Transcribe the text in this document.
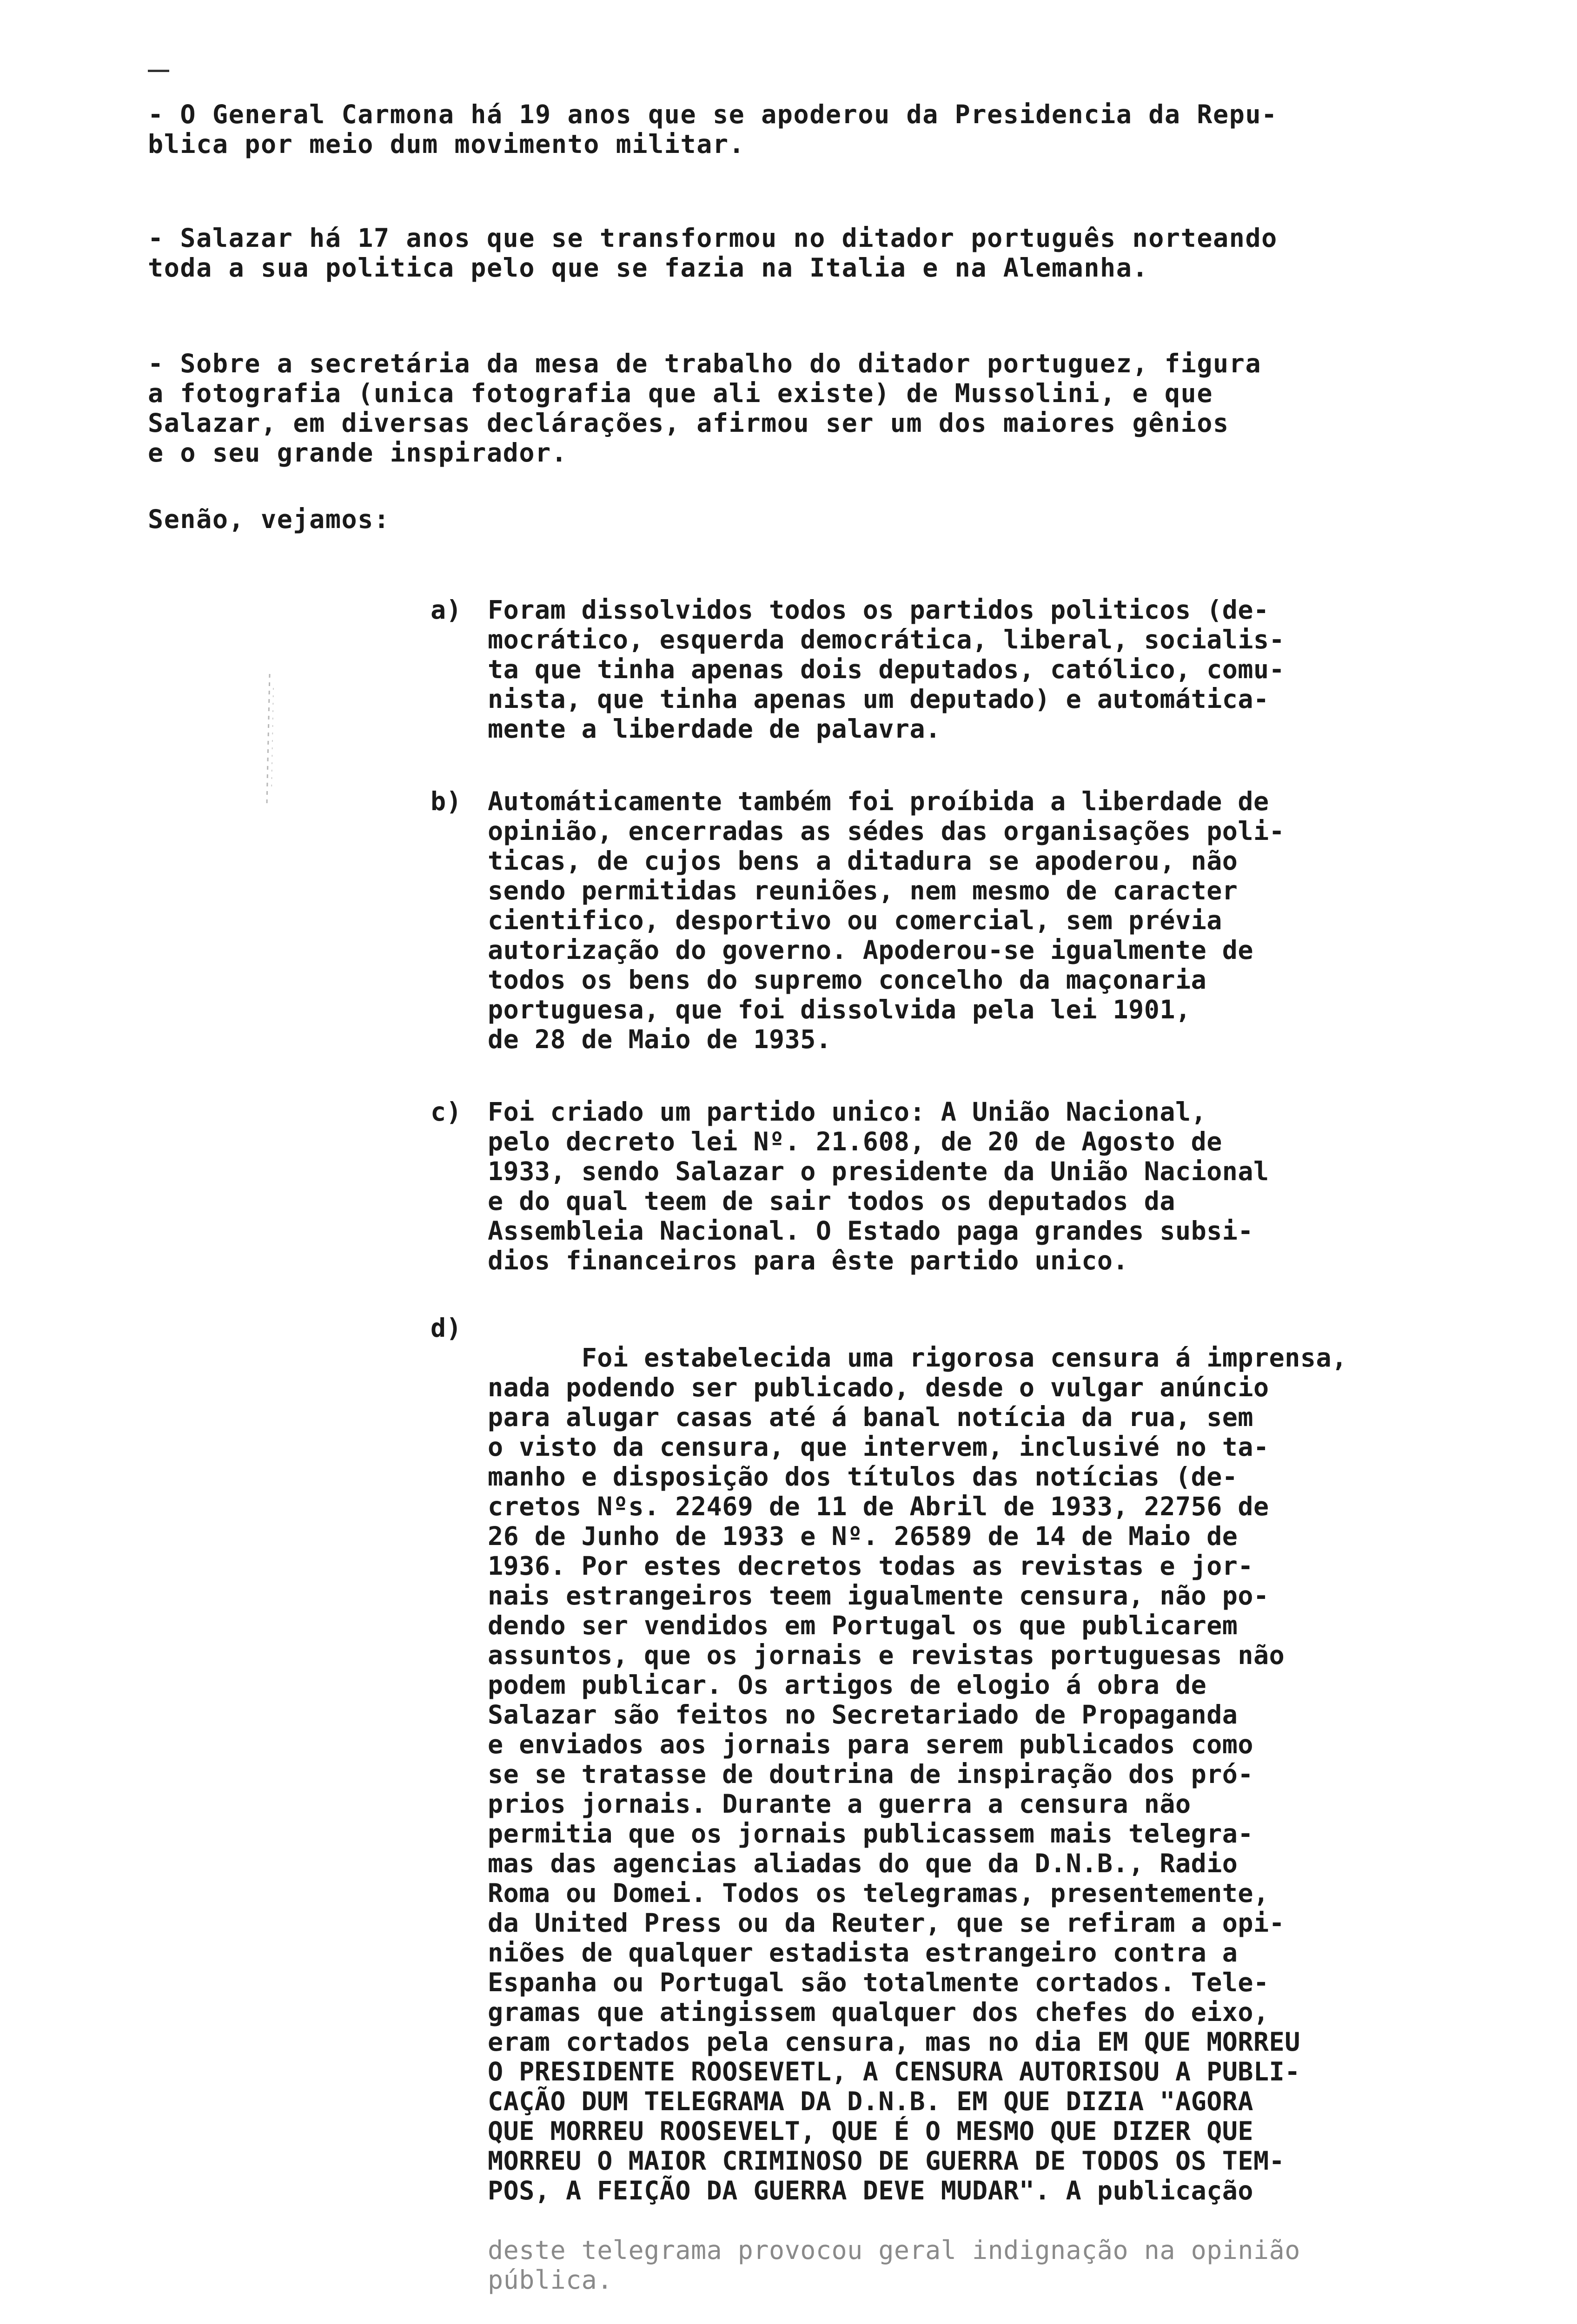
- O General Carmona há 19 anos que se apoderou da Presidencia da Repu-
blica por meio dum movimento militar.

- Salazar há 17 anos que se transformou no ditador português norteando
toda a sua politica pelo que se fazia na Italia e na Alemanha.

- Sobre a secretária da mesa de trabalho do ditador portuguez, figura
a fotografia (unica fotografia que ali existe) de Mussolini, e que
Salazar, em diversas declárações, afirmou ser um dos maiores gênios
e o seu grande inspirador.

Senão, vejamos:

a)	Foram dissolvidos todos os partidos politicos (de-
mocrático, esquerda democrática, liberal, socialis-
ta que tinha apenas dois deputados, católico, comu-
nista, que tinha apenas um deputado) e automática-
mente a liberdade de palavra.
b)	Automáticamente também foi proíbida a liberdade de
opinião, encerradas as sédes das organisações poli-
ticas, de cujos bens a ditadura se apoderou, não
sendo permitidas reuniões, nem mesmo de caracter
cientifico, desportivo ou comercial, sem prévia
autorização do governo. Apoderou-se igualmente de
todos os bens do supremo concelho da maçonaria
portuguesa, que foi dissolvida pela lei 1901,
de 28 de Maio de 1935.
c)	Foi criado um partido unico: A União Nacional,
pelo decreto lei Nº. 21.608, de 20 de Agosto de
1933, sendo Salazar o presidente da União Nacional
e do qual teem de sair todos os deputados da
Assembleia Nacional. O Estado paga grandes subsi-
dios financeiros para êste partido unico.
d)

Foi estabelecida uma rigorosa censura á imprensa,
nada podendo ser publicado, desde o vulgar anúncio
para alugar casas até á banal notícia da rua, sem
o visto da censura, que intervem, inclusivé no ta-
manho e disposição dos títulos das notícias (de-
cretos Nºs. 22469 de 11 de Abril de 1933, 22756 de
26 de Junho de 1933 e Nº. 26589 de 14 de Maio de
1936. Por estes decretos todas as revistas e jor-
nais estrangeiros teem igualmente censura, não po-
dendo ser vendidos em Portugal os que publicarem
assuntos, que os jornais e revistas portuguesas não
podem publicar. Os artigos de elogio á obra de
Salazar são feitos no Secretariado de Propaganda
e enviados aos jornais para serem publicados como
se se tratasse de doutrina de inspiração dos pró-
prios jornais. Durante a guerra a censura não
permitia que os jornais publicassem mais telegra-
mas das agencias aliadas do que da D.N.B., Radio
Roma ou Domei. Todos os telegramas, presentemente,
da United Press ou da Reuter, que se refiram a opi-
niões de qualquer estadista estrangeiro contra a
Espanha ou Portugal são totalmente cortados. Tele-
gramas que atingissem qualquer dos chefes do eixo,
eram cortados pela censura, mas no dia EM QUE MORREU
O PRESIDENTE ROOSEVETL, A CENSURA AUTORISOU A PUBLI-
CAÇÃO DUM TELEGRAMA DA D.N.B. EM QUE DIZIA "AGORA
QUE MORREU ROOSEVELT, QUE É O MESMO QUE DIZER QUE
MORREU O MAIOR CRIMINOSO DE GUERRA DE TODOS OS TEM-
POS, A FEIÇÃO DA GUERRA DEVE MUDAR". A publicação

deste telegrama provocou geral indignação na opinião
pública.
